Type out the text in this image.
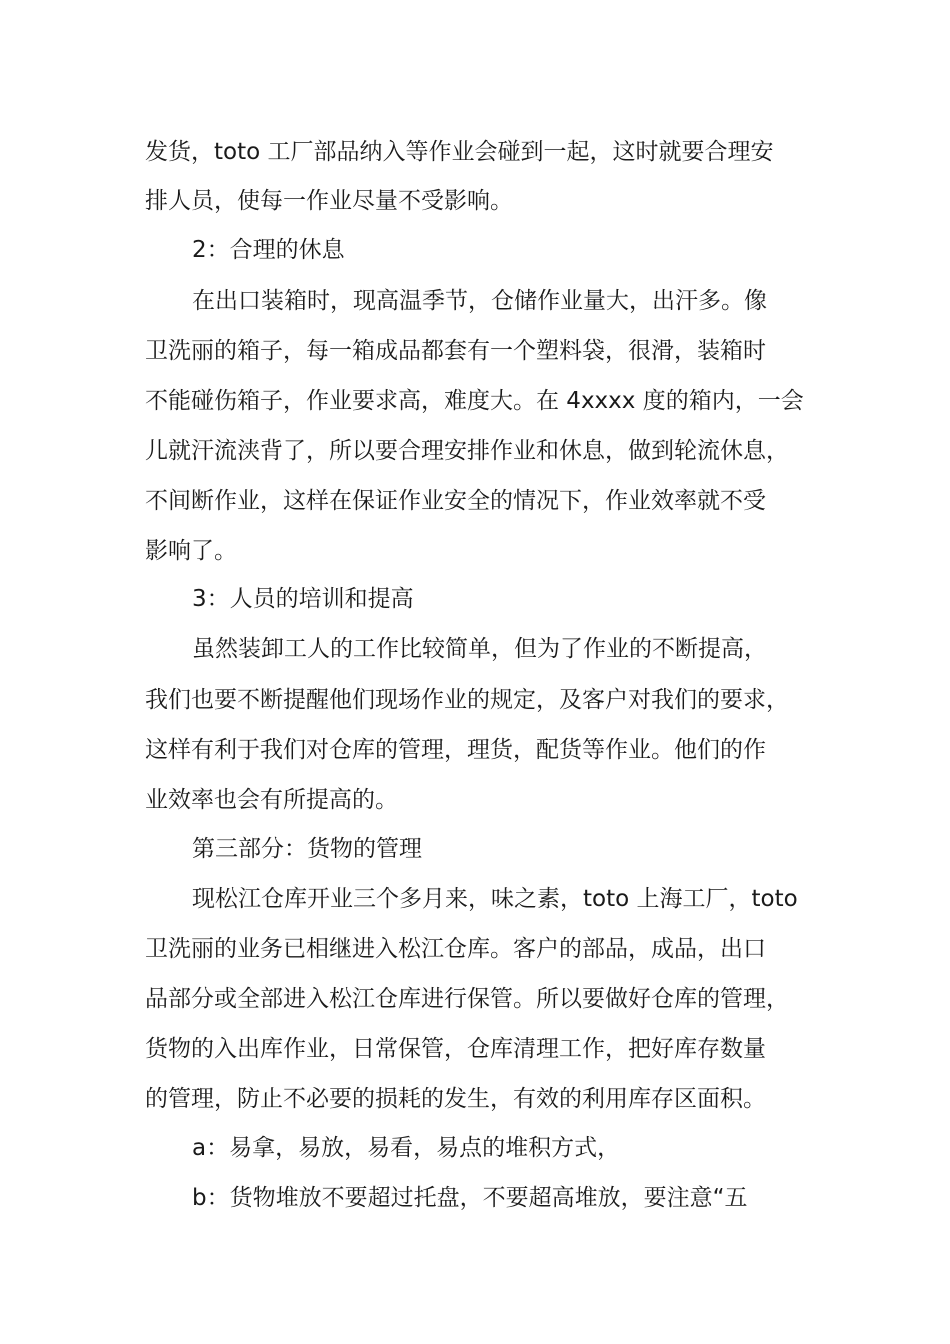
发货，toto 工厂部品纳入等作业会碰到一起，这时就要合理安
排人员，使每一作业尽量不受影响。
2：合理的休息
在出口装箱时，现高温季节，仓储作业量大，出汗多。像
卫洗丽的箱子，每一箱成品都套有一个塑料袋，很滑，装箱时
不能碰伤箱子，作业要求高，难度大。在 4xxxx 度的箱内，一会
儿就汗流浃背了，所以要合理安排作业和休息，做到轮流休息，
不间断作业，这样在保证作业安全的情况下，作业效率就不受
影响了。
3：人员的培训和提高
虽然装卸工人的工作比较简单，但为了作业的不断提高，
我们也要不断提醒他们现场作业的规定，及客户对我们的要求，
这样有利于我们对仓库的管理，理货，配货等作业。他们的作
业效率也会有所提高的。
第三部分：货物的管理
现松江仓库开业三个多月来，味之素，toto 上海工厂，toto
卫洗丽的业务已相继进入松江仓库。客户的部品，成品，出口
品部分或全部进入松江仓库进行保管。所以要做好仓库的管理，
货物的入出库作业，日常保管，仓库清理工作，把好库存数量
的管理，防止不必要的损耗的发生，有效的利用库存区面积。
a：易拿，易放，易看，易点的堆积方式，
b：货物堆放不要超过托盘，不要超高堆放，要注意“五
